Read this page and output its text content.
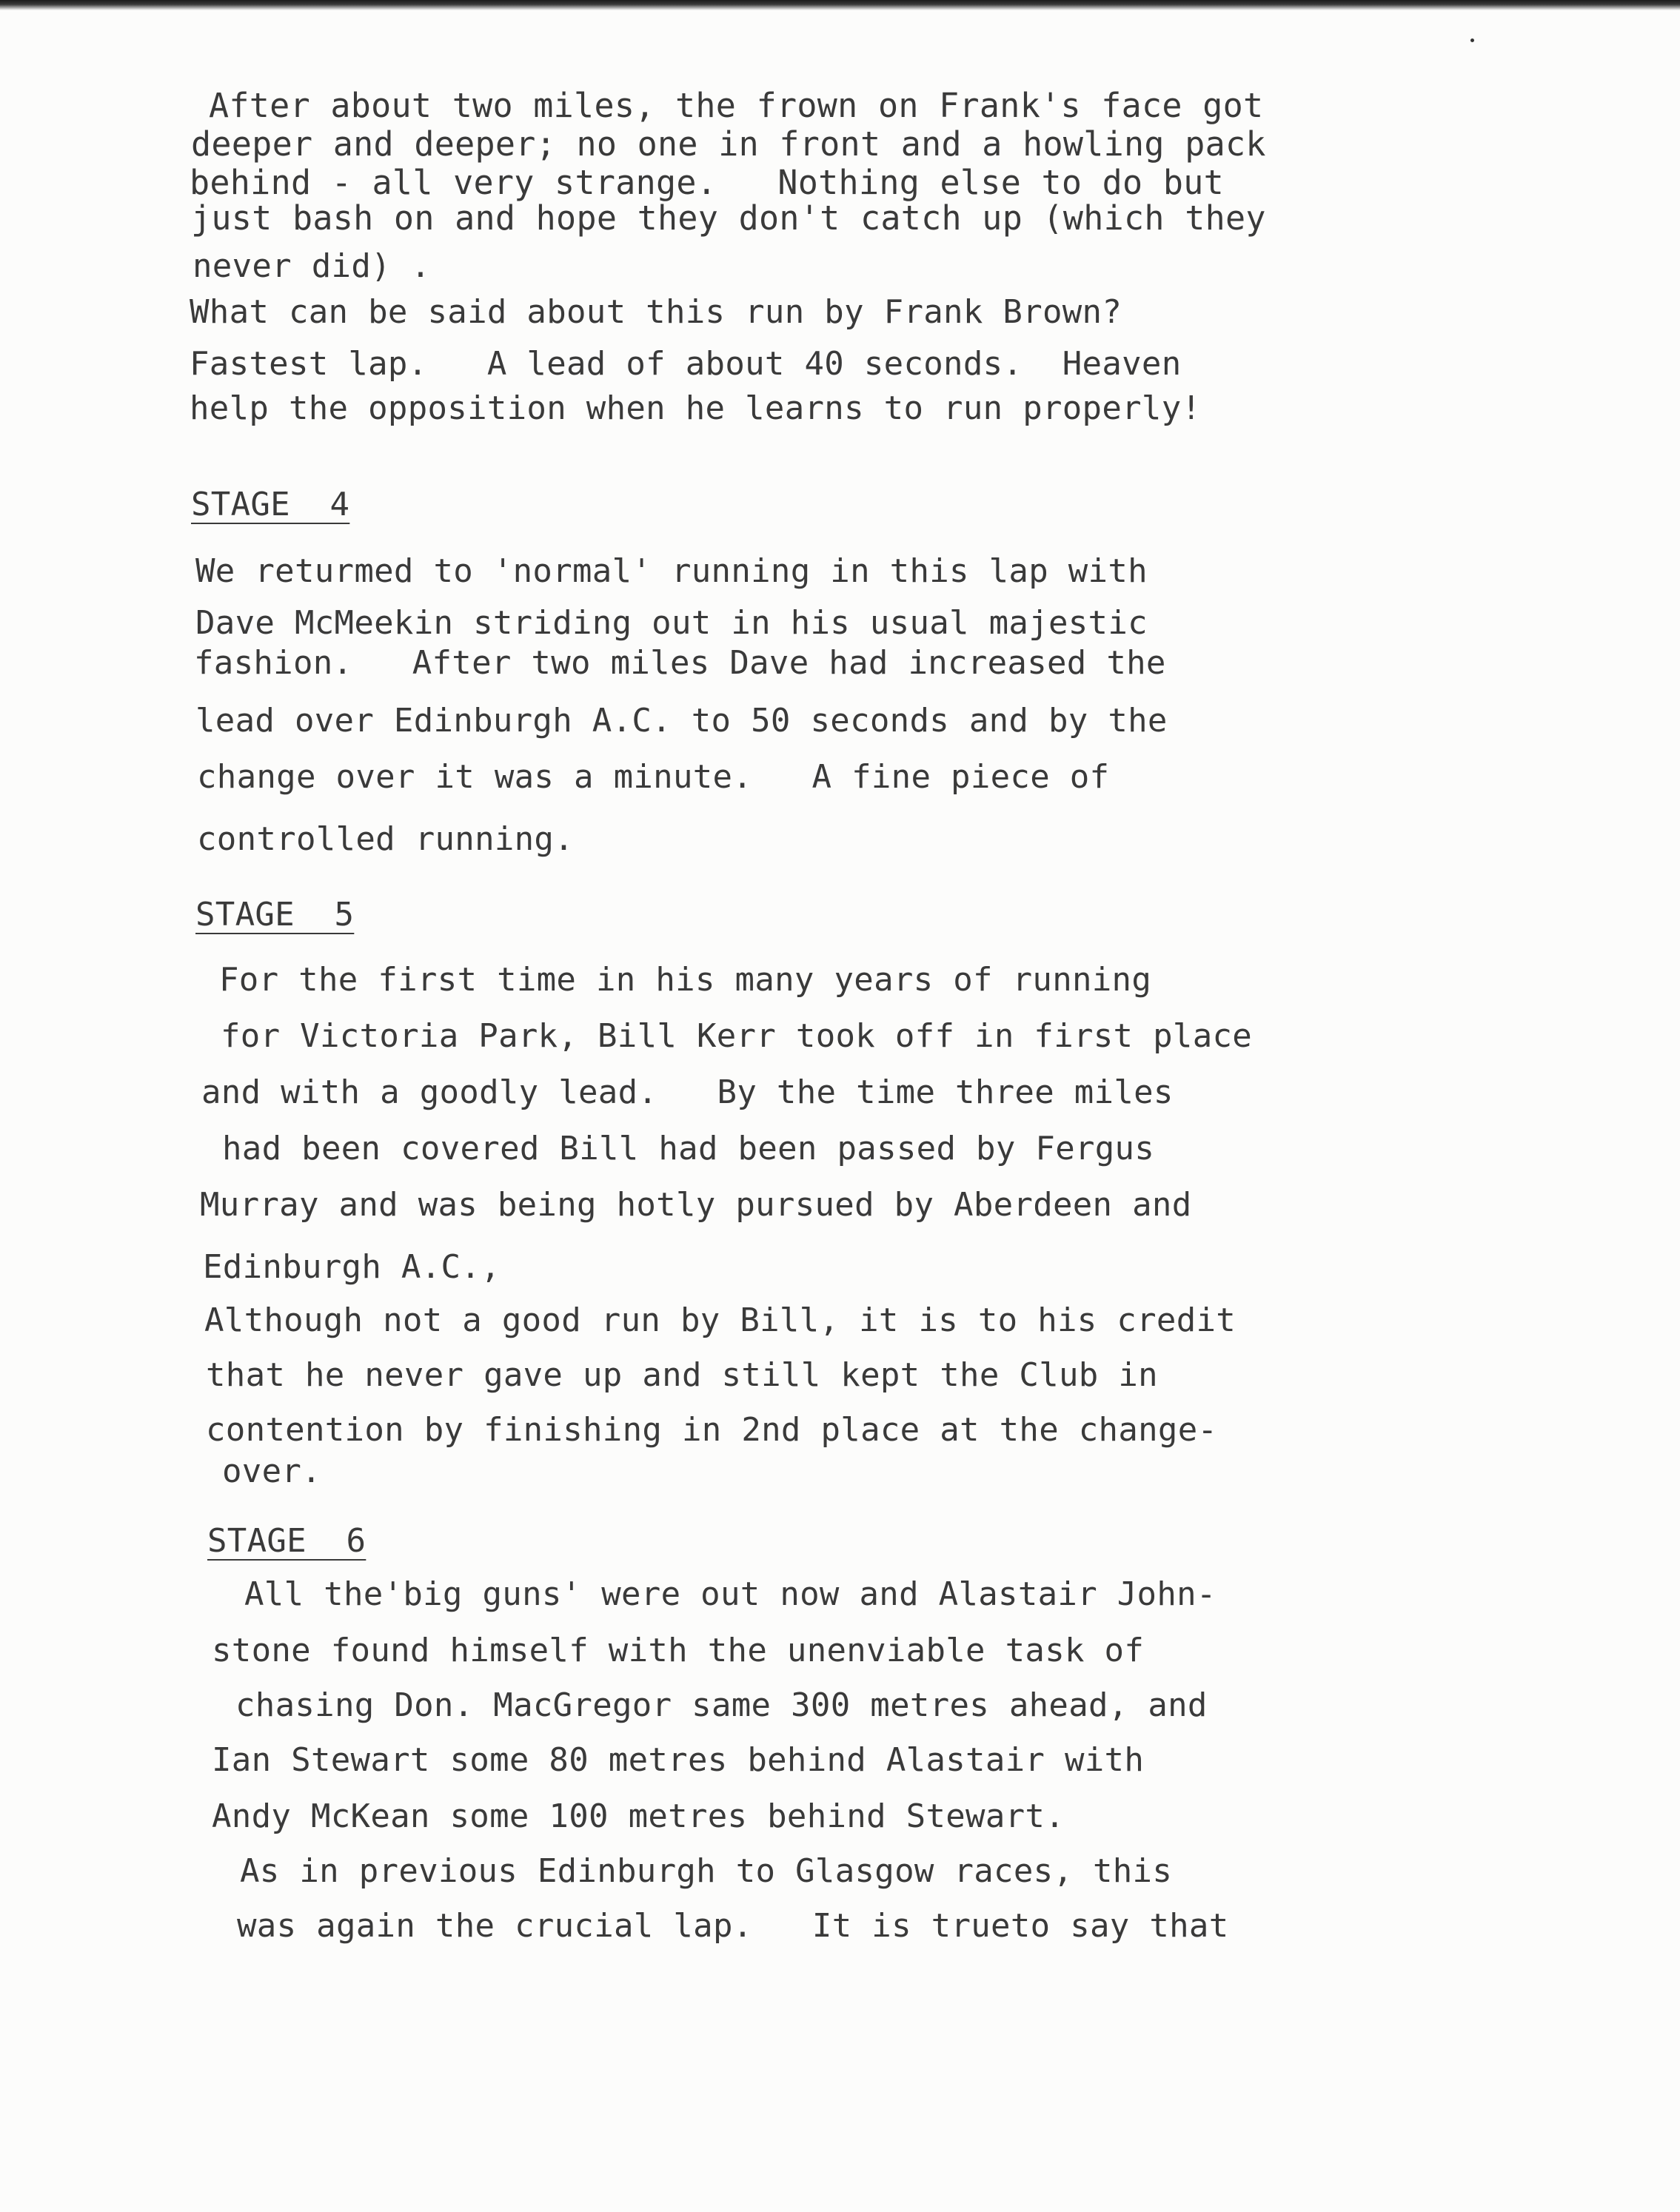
After about two miles, the frown on Frank's face got
deeper and deeper; no one in front and a howling pack
behind - all very strange.   Nothing else to do but
just bash on and hope they don't catch up (which they
never did) .
What can be said about this run by Frank Brown?
Fastest lap.   A lead of about 40 seconds.  Heaven
help the opposition when he learns to run properly!
STAGE  4
We returmed to 'normal' running in this lap with
Dave McMeekin striding out in his usual majestic
fashion.   After two miles Dave had increased the
lead over Edinburgh A.C. to 50 seconds and by the
change over it was a minute.   A fine piece of
controlled running.
STAGE  5
For the first time in his many years of running
for Victoria Park, Bill Kerr took off in first place
and with a goodly lead.   By the time three miles
had been covered Bill had been passed by Fergus
Murray and was being hotly pursued by Aberdeen and
Edinburgh A.C.,
Although not a good run by Bill, it is to his credit
that he never gave up and still kept the Club in
contention by finishing in 2nd place at the change-
over.
STAGE  6
All the'big guns' were out now and Alastair John-
stone found himself with the unenviable task of
chasing Don. MacGregor same 300 metres ahead, and
Ian Stewart some 80 metres behind Alastair with
Andy McKean some 100 metres behind Stewart.
As in previous Edinburgh to Glasgow races, this
was again the crucial lap.   It is trueto say that
